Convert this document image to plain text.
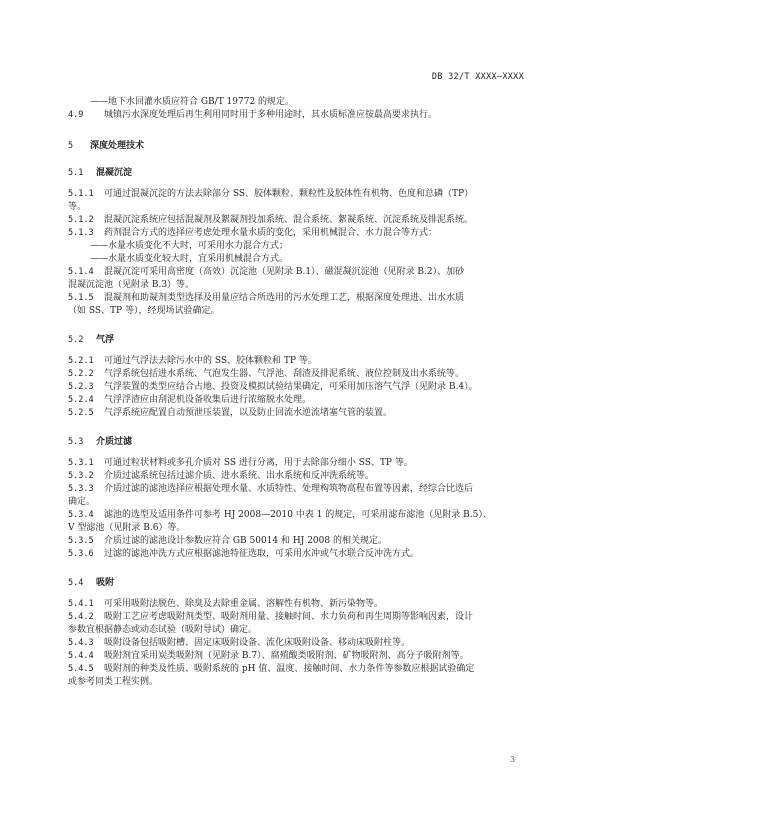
DB 32/T XXXX—XXXX
——地下水回灌水质应符合 GB/T 19772 的规定。
4.9 城镇污水深度处理后再生利用同时用于多种用途时，其水质标准应按最高要求执行。
5 深度处理技术
5.1 混凝沉淀
5.1.1 可通过混凝沉淀的方法去除部分 SS、胶体颗粒、颗粒性及胶体性有机物、色度和总磷（TP）
等。
5.1.2 混凝沉淀系统应包括混凝剂及絮凝剂投加系统、混合系统、絮凝系统、沉淀系统及排泥系统。
5.1.3 药剂混合方式的选择应考虑处理水量水质的变化，采用机械混合、水力混合等方式：
——水量水质变化不大时，可采用水力混合方式；
——水量水质变化较大时，宜采用机械混合方式。
5.1.4 混凝沉淀可采用高密度（高效）沉淀池（见附录 B.1）、磁混凝沉淀池（见附录 B.2）、加砂
混凝沉淀池（见附录 B.3）等。
5.1.5 混凝剂和助凝剂类型选择及用量应结合所选用的污水处理工艺，根据深度处理进、出水水质
（如 SS、TP 等），经现场试验确定。
5.2 气浮
5.2.1 可通过气浮法去除污水中的 SS、胶体颗粒和 TP 等。
5.2.2 气浮系统包括进水系统、气泡发生器、气浮池、刮渣及排泥系统、液位控制及出水系统等。
5.2.3 气浮装置的类型应结合占地、投资及模拟试验结果确定，可采用加压溶气气浮（见附录 B.4）。
5.2.4 气浮浮渣应由刮泥机设备收集后进行浓缩脱水处理。
5.2.5 气浮系统应配置自动预泄压装置，以及防止回流水逆流堵塞气管的装置。
5.3 介质过滤
5.3.1 可通过粒状材料或多孔介质对 SS 进行分离，用于去除部分细小 SS、TP 等。
5.3.2 介质过滤系统包括过滤介质、进水系统、出水系统和反冲洗系统等。
5.3.3 介质过滤的滤池选择应根据处理水量、水质特性、处理构筑物高程布置等因素，经综合比选后
确定。
5.3.4 滤池的选型及适用条件可参考 HJ 2008—2010 中表 1 的规定，可采用滤布滤池（见附录 B.5）、
V 型滤池（见附录 B.6）等。
5.3.5 介质过滤的滤池设计参数应符合 GB 50014 和 HJ 2008 的相关规定。
5.3.6 过滤的滤池冲洗方式应根据滤池特征选取，可采用水冲或气水联合反冲洗方式。
5.4 吸附
5.4.1 可采用吸附法脱色、除臭及去除重金属、溶解性有机物、新污染物等。
5.4.2 吸附工艺应考虑吸附剂类型、吸附剂用量、接触时间、水力负荷和再生周期等影响因素，设计
参数宜根据静态或动态试验（吸附导试）确定。
5.4.3 吸附设备包括吸附槽、固定床吸附设备、流化床吸附设备、移动床吸附柱等。
5.4.4 吸附剂宜采用炭类吸附剂（见附录 B.7）、腐殖酸类吸附剂、矿物吸附剂、高分子吸附剂等。
5.4.5 吸附剂的种类及性质、吸附系统的 pH 值、温度、接触时间、水力条件等参数应根据试验确定
或参考同类工程实例。
3
